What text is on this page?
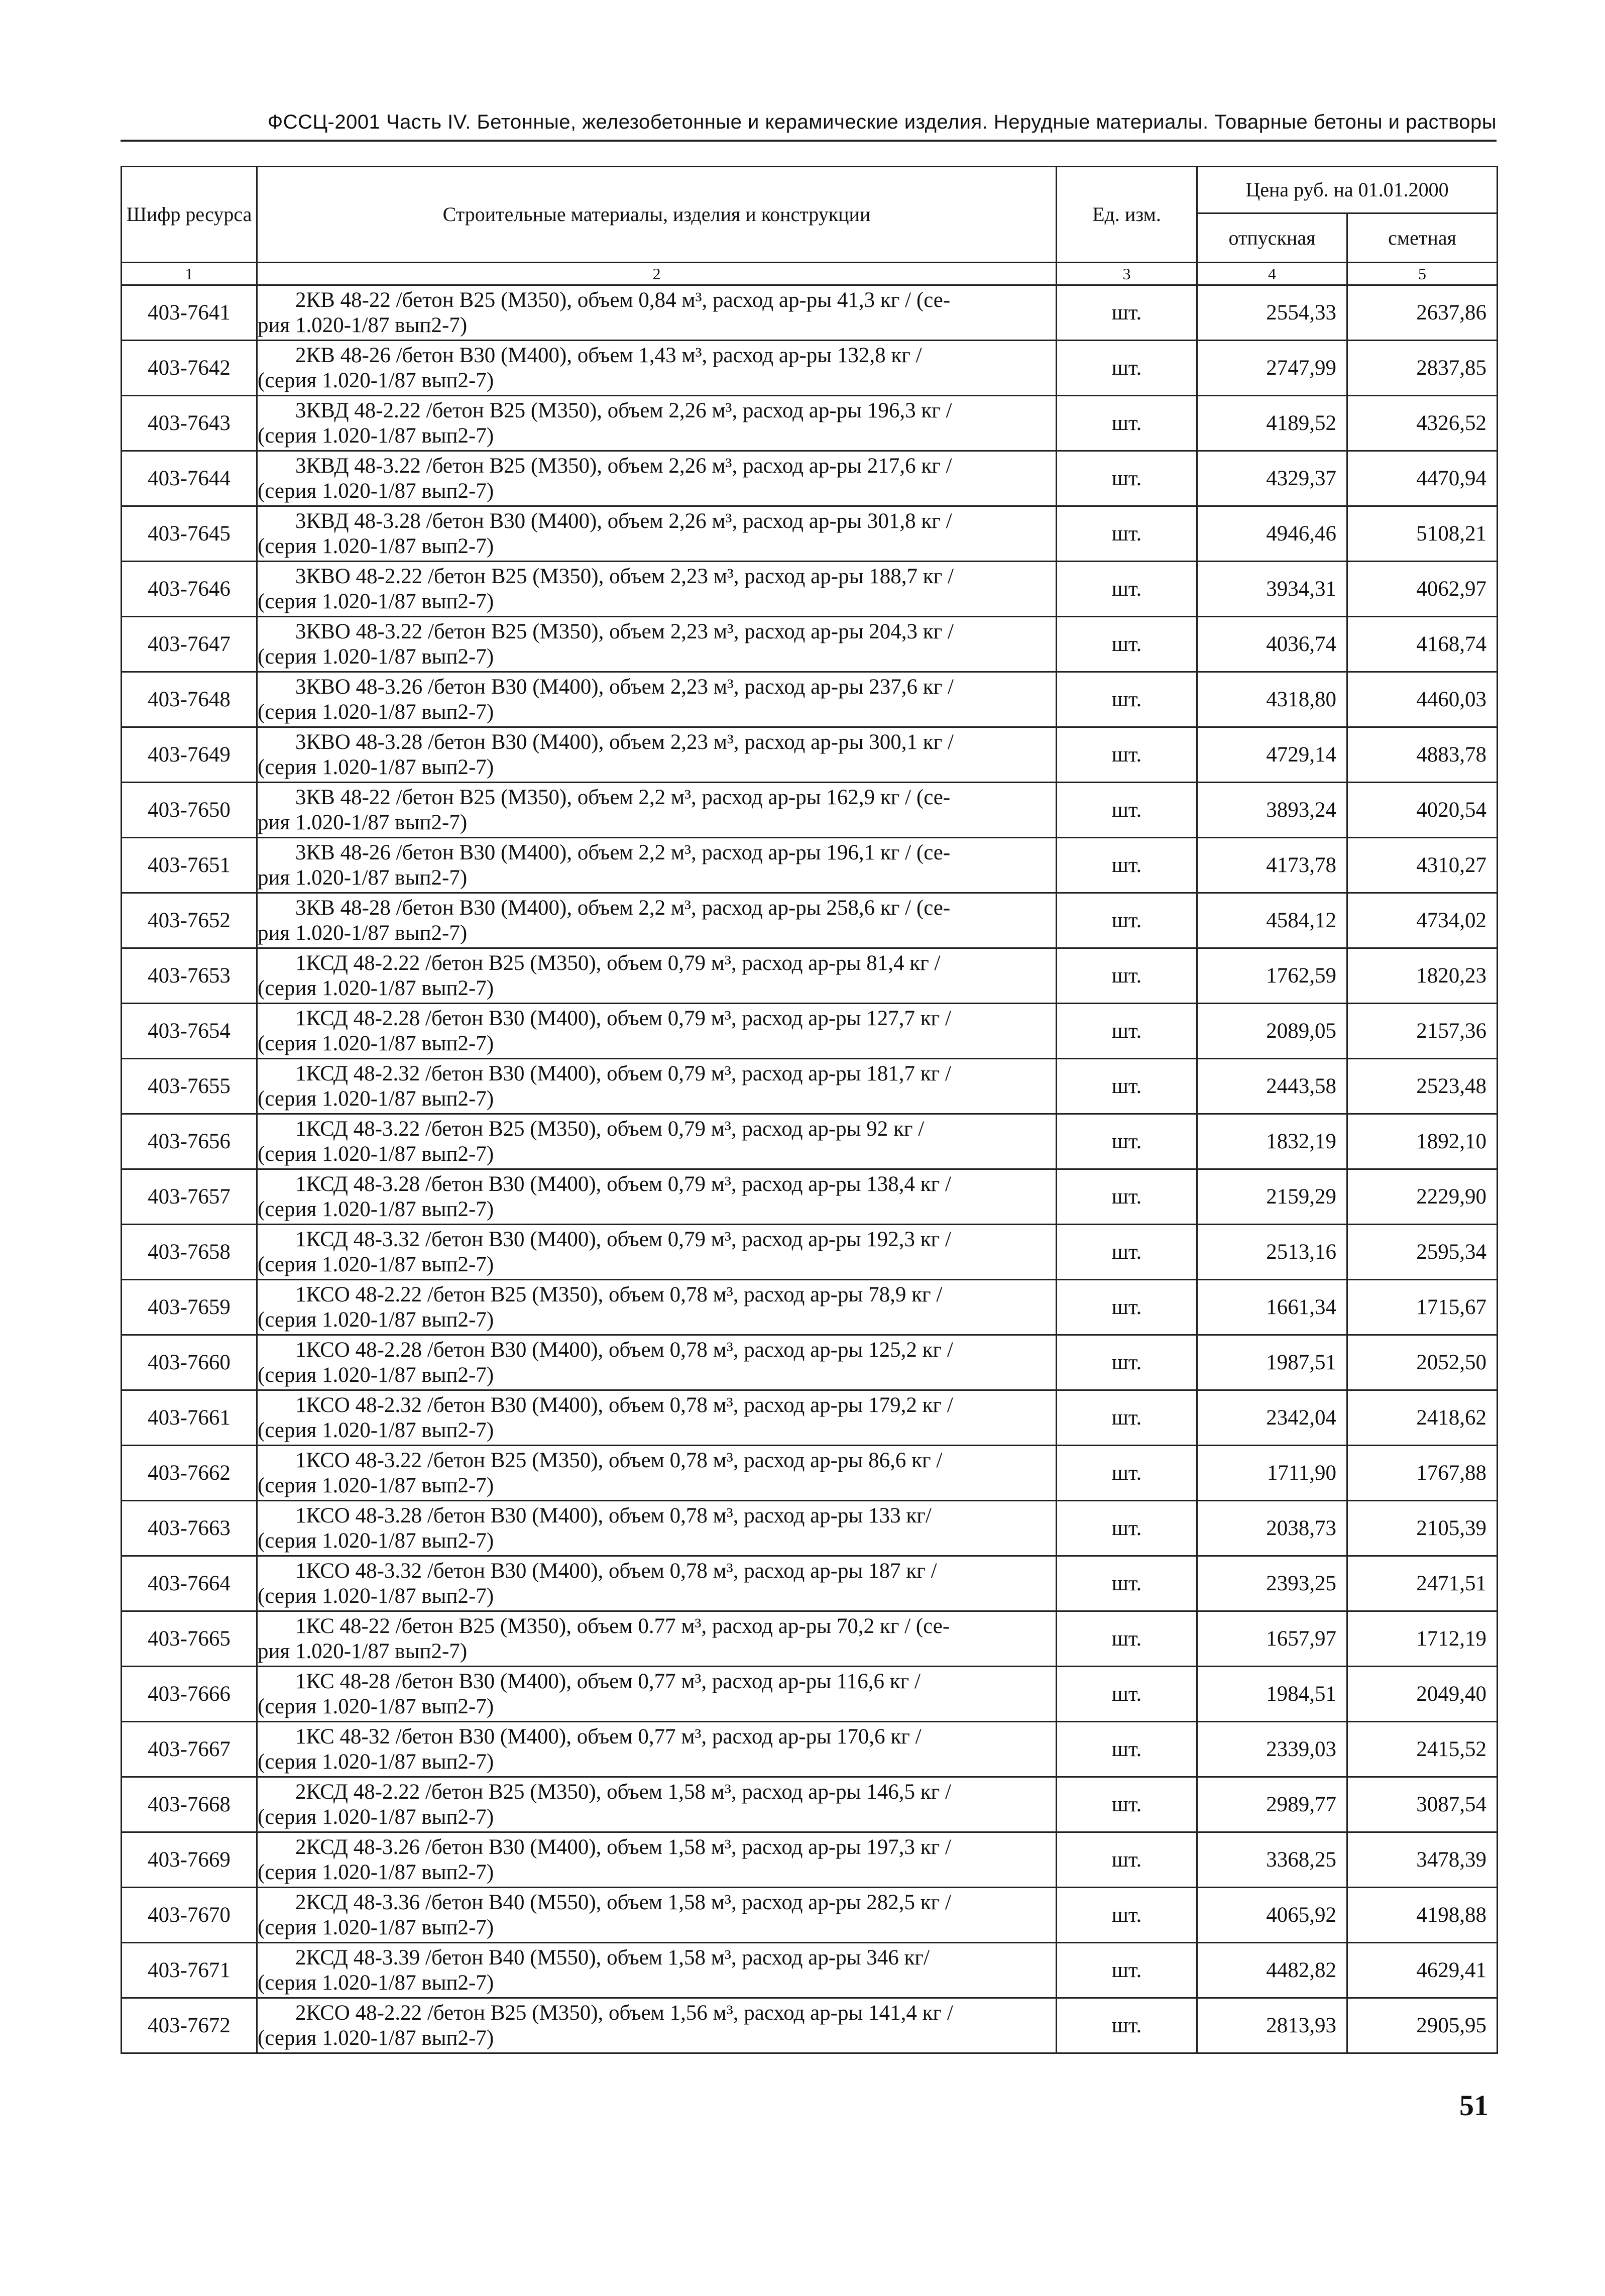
ФССЦ-2001 Часть IV. Бетонные, железобетонные и керамические изделия. Нерудные материалы. Товарные бетоны и растворы
Шифр ресурса	Строительные материалы, изделия и конструкции	Ед. изм.	Цена руб. на 01.01.2000	
			отпускная	сметная
1	2	3	4	5
403-7641	2КВ 48-22 /бетон В25 (М350), объем 0,84 м³, расход ар-ры 41,3 кг / (се-
рия 1.020-1/87 вып2-7)	шт.	2554,33	2637,86
403-7642	2КВ 48-26 /бетон В30 (М400), объем 1,43 м³, расход ар-ры 132,8 кг /
(серия 1.020-1/87 вып2-7)	шт.	2747,99	2837,85
403-7643	3КВД 48-2.22 /бетон В25 (М350), объем 2,26 м³, расход ар-ры 196,3 кг /
(серия 1.020-1/87 вып2-7)	шт.	4189,52	4326,52
403-7644	3КВД 48-3.22 /бетон В25 (М350), объем 2,26 м³, расход ар-ры 217,6 кг /
(серия 1.020-1/87 вып2-7)	шт.	4329,37	4470,94
403-7645	3КВД 48-3.28 /бетон В30 (М400), объем 2,26 м³, расход ар-ры 301,8 кг /
(серия 1.020-1/87 вып2-7)	шт.	4946,46	5108,21
403-7646	3КВО 48-2.22 /бетон В25 (М350), объем 2,23 м³, расход ар-ры 188,7 кг /
(серия 1.020-1/87 вып2-7)	шт.	3934,31	4062,97
403-7647	3КВО 48-3.22 /бетон В25 (М350), объем 2,23 м³, расход ар-ры 204,3 кг /
(серия 1.020-1/87 вып2-7)	шт.	4036,74	4168,74
403-7648	3КВО 48-3.26 /бетон В30 (М400), объем 2,23 м³, расход ар-ры 237,6 кг /
(серия 1.020-1/87 вып2-7)	шт.	4318,80	4460,03
403-7649	3КВО 48-3.28 /бетон В30 (М400), объем 2,23 м³, расход ар-ры 300,1 кг /
(серия 1.020-1/87 вып2-7)	шт.	4729,14	4883,78
403-7650	3КВ 48-22 /бетон В25 (М350), объем 2,2 м³, расход ар-ры 162,9 кг / (се-
рия 1.020-1/87 вып2-7)	шт.	3893,24	4020,54
403-7651	3КВ 48-26 /бетон В30 (М400), объем 2,2 м³, расход ар-ры 196,1 кг / (се-
рия 1.020-1/87 вып2-7)	шт.	4173,78	4310,27
403-7652	3КВ 48-28 /бетон В30 (М400), объем 2,2 м³, расход ар-ры 258,6 кг / (се-
рия 1.020-1/87 вып2-7)	шт.	4584,12	4734,02
403-7653	1КСД 48-2.22 /бетон В25 (М350), объем 0,79 м³, расход ар-ры 81,4 кг /
(серия 1.020-1/87 вып2-7)	шт.	1762,59	1820,23
403-7654	1КСД 48-2.28 /бетон В30 (М400), объем 0,79 м³, расход ар-ры 127,7 кг /
(серия 1.020-1/87 вып2-7)	шт.	2089,05	2157,36
403-7655	1КСД 48-2.32 /бетон В30 (М400), объем 0,79 м³, расход ар-ры 181,7 кг /
(серия 1.020-1/87 вып2-7)	шт.	2443,58	2523,48
403-7656	1КСД 48-3.22 /бетон В25 (М350), объем 0,79 м³, расход ар-ры 92 кг /
(серия 1.020-1/87 вып2-7)	шт.	1832,19	1892,10
403-7657	1КСД 48-3.28 /бетон В30 (М400), объем 0,79 м³, расход ар-ры 138,4 кг /
(серия 1.020-1/87 вып2-7)	шт.	2159,29	2229,90
403-7658	1КСД 48-3.32 /бетон В30 (М400), объем 0,79 м³, расход ар-ры 192,3 кг /
(серия 1.020-1/87 вып2-7)	шт.	2513,16	2595,34
403-7659	1КСО 48-2.22 /бетон В25 (М350), объем 0,78 м³, расход ар-ры 78,9 кг /
(серия 1.020-1/87 вып2-7)	шт.	1661,34	1715,67
403-7660	1КСО 48-2.28 /бетон В30 (М400), объем 0,78 м³, расход ар-ры 125,2 кг /
(серия 1.020-1/87 вып2-7)	шт.	1987,51	2052,50
403-7661	1КСО 48-2.32 /бетон В30 (М400), объем 0,78 м³, расход ар-ры 179,2 кг /
(серия 1.020-1/87 вып2-7)	шт.	2342,04	2418,62
403-7662	1КСО 48-3.22 /бетон В25 (М350), объем 0,78 м³, расход ар-ры 86,6 кг /
(серия 1.020-1/87 вып2-7)	шт.	1711,90	1767,88
403-7663	1КСО 48-3.28 /бетон В30 (М400), объем 0,78 м³, расход ар-ры 133 кг/
(серия 1.020-1/87 вып2-7)	шт.	2038,73	2105,39
403-7664	1КСО 48-3.32 /бетон В30 (М400), объем 0,78 м³, расход ар-ры 187 кг /
(серия 1.020-1/87 вып2-7)	шт.	2393,25	2471,51
403-7665	1КС 48-22 /бетон В25 (М350), объем 0.77 м³, расход ар-ры 70,2 кг / (се-
рия 1.020-1/87 вып2-7)	шт.	1657,97	1712,19
403-7666	1КС 48-28 /бетон В30 (М400), объем 0,77 м³, расход ар-ры 116,6 кг /
(серия 1.020-1/87 вып2-7)	шт.	1984,51	2049,40
403-7667	1КС 48-32 /бетон В30 (М400), объем 0,77 м³, расход ар-ры 170,6 кг /
(серия 1.020-1/87 вып2-7)	шт.	2339,03	2415,52
403-7668	2КСД 48-2.22 /бетон В25 (М350), объем 1,58 м³, расход ар-ры 146,5 кг /
(серия 1.020-1/87 вып2-7)	шт.	2989,77	3087,54
403-7669	2КСД 48-3.26 /бетон В30 (М400), объем 1,58 м³, расход ар-ры 197,3 кг /
(серия 1.020-1/87 вып2-7)	шт.	3368,25	3478,39
403-7670	2КСД 48-3.36 /бетон В40 (М550), объем 1,58 м³, расход ар-ры 282,5 кг /
(серия 1.020-1/87 вып2-7)	шт.	4065,92	4198,88
403-7671	2КСД 48-3.39 /бетон В40 (М550), объем 1,58 м³, расход ар-ры 346 кг/
(серия 1.020-1/87 вып2-7)	шт.	4482,82	4629,41
403-7672	2КСО 48-2.22 /бетон В25 (М350), объем 1,56 м³, расход ар-ры 141,4 кг /
(серия 1.020-1/87 вып2-7)	шт.	2813,93	2905,95
51
